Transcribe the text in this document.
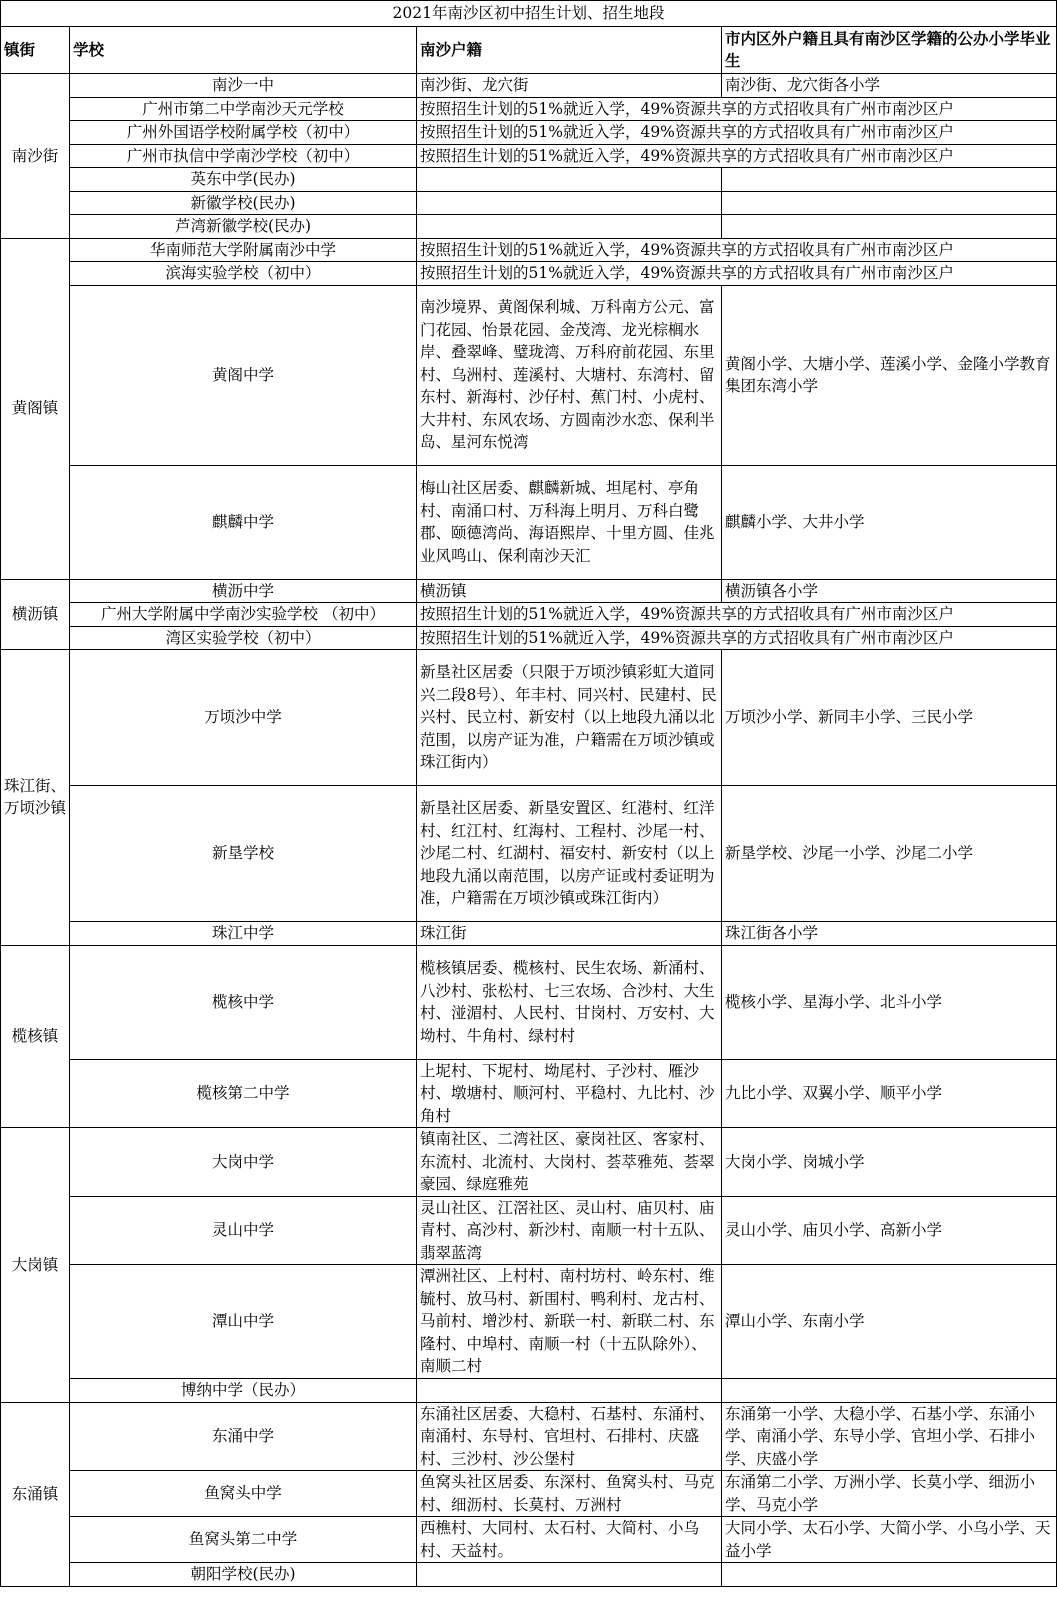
2021年南沙区初中招生计划、招生地段			
镇街	学校	南沙户籍	市内区外户籍且具有南沙区学籍的公办小学毕业生
南沙街	南沙一中	南沙街、龙穴街	南沙街、龙穴街各小学
	广州市第二中学南沙天元学校	按照招生计划的51%就近入学，49%资源共享的方式招收具有广州市南沙区户	
	广州外国语学校附属学校（初中）	按照招生计划的51%就近入学，49%资源共享的方式招收具有广州市南沙区户	
	广州市执信中学南沙学校（初中）	按照招生计划的51%就近入学，49%资源共享的方式招收具有广州市南沙区户	
	英东中学(民办)		
	新徽学校(民办)		
	芦湾新徽学校(民办)		
黄阁镇	华南师范大学附属南沙中学	按照招生计划的51%就近入学，49%资源共享的方式招收具有广州市南沙区户	
	滨海实验学校（初中）	按照招生计划的51%就近入学，49%资源共享的方式招收具有广州市南沙区户	
	黄阁中学	南沙境界、黄阁保利城、万科南方公元、富门花园、怡景花园、金茂湾、龙光棕榈水岸、叠翠峰、璧珑湾、万科府前花园、东里村、乌洲村、莲溪村、大塘村、东湾村、留东村、新海村、沙仔村、蕉门村、小虎村、大井村、东风农场、方圆南沙水恋、保利半岛、星河东悦湾	黄阁小学、大塘小学、莲溪小学、金隆小学教育集团东湾小学
	麒麟中学	梅山社区居委、麒麟新城、坦尾村、亭角村、南涌口村、万科海上明月、万科白鹭郡、颐德湾尚、海语熙岸、十里方圆、佳兆业风鸣山、保利南沙天汇	麒麟小学、大井小学
横沥镇	横沥中学	横沥镇	横沥镇各小学
	广州大学附属中学南沙实验学校 （初中）	按照招生计划的51%就近入学，49%资源共享的方式招收具有广州市南沙区户	
	湾区实验学校（初中）	按照招生计划的51%就近入学，49%资源共享的方式招收具有广州市南沙区户	
珠江街、万顷沙镇	万顷沙中学	新垦社区居委（只限于万顷沙镇彩虹大道同兴二段8号）、年丰村、同兴村、民建村、民兴村、民立村、新安村（以上地段九涌以北范围，以房产证为准，户籍需在万顷沙镇或珠江街内）	万顷沙小学、新同丰小学、三民小学
	新垦学校	新垦社区居委、新垦安置区、红港村、红洋村、红江村、红海村、工程村、沙尾一村、沙尾二村、红湖村、福安村、新安村（以上地段九涌以南范围，以房产证或村委证明为准，户籍需在万顷沙镇或珠江街内）	新垦学校、沙尾一小学、沙尾二小学
	珠江中学	珠江街	珠江街各小学
榄核镇	榄核中学	榄核镇居委、榄核村、民生农场、新涌村、八沙村、张松村、七三农场、合沙村、大生村、湴湄村、人民村、甘岗村、万安村、大坳村、牛角村、绿村村	榄核小学、星海小学、北斗小学
	榄核第二中学	上坭村、下坭村、坳尾村、子沙村、雁沙村、墩塘村、顺河村、平稳村、九比村、沙角村	九比小学、双翼小学、顺平小学
大岗镇	大岗中学	镇南社区、二湾社区、豪岗社区、客家村、东流村、北流村、大岗村、荟萃雅苑、荟翠豪园、绿庭雅苑	大岗小学、岗城小学
	灵山中学	灵山社区、江滘社区、灵山村、庙贝村、庙青村、高沙村、新沙村、南顺一村十五队、翡翠蓝湾	灵山小学、庙贝小学、高新小学
	潭山中学	潭洲社区、上村村、南村坊村、岭东村、维毓村、放马村、新围村、鸭利村、龙古村、马前村、增沙村、新联一村、新联二村、东隆村、中埠村、南顺一村（十五队除外）、南顺二村	潭山小学、东南小学
	博纳中学（民办）		
东涌镇	东涌中学	东涌社区居委、大稳村、石基村、东涌村、南涌村、东导村、官坦村、石排村、庆盛村、三沙村、沙公堡村	东涌第一小学、大稳小学、石基小学、东涌小学、南涌小学、东导小学、官坦小学、石排小学、庆盛小学
	鱼窝头中学	鱼窝头社区居委、东深村、鱼窝头村、马克村、细沥村、长莫村、万洲村	东涌第二小学、万洲小学、长莫小学、细沥小学、马克小学
	鱼窝头第二中学	西樵村、大同村、太石村、大简村、小乌村、天益村。	大同小学、太石小学、大简小学、小乌小学、天益小学
	朝阳学校(民办)		
